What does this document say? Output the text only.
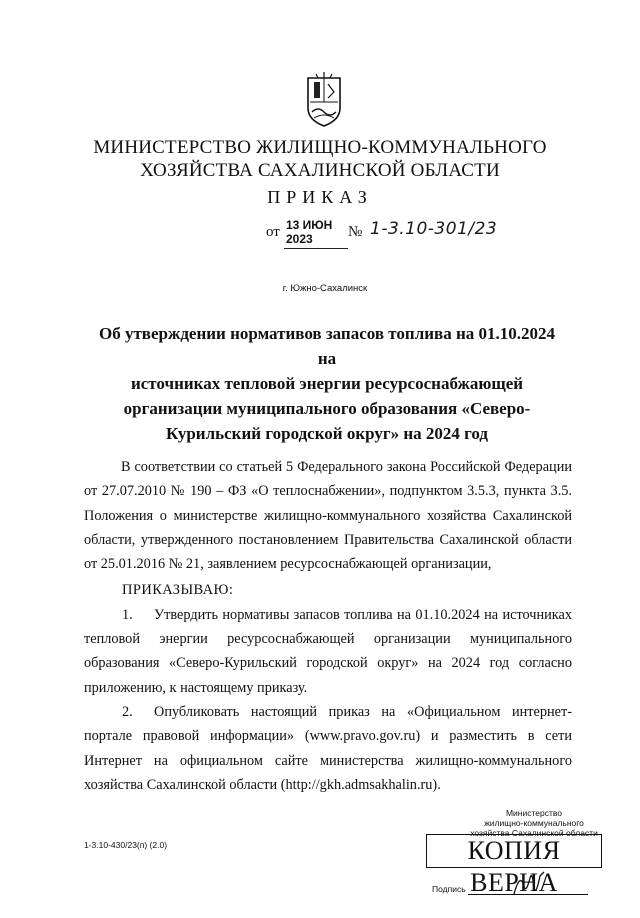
МИНИСТЕРСТВО ЖИЛИЩНО-КОММУНАЛЬНОГО
ХОЗЯЙСТВА САХАЛИНСКОЙ ОБЛАСТИ
ПРИКАЗ
от 13 ИЮН 2023	№ 1-3.10-301/23
г. Южно-Сахалинск
Об утверждении нормативов запасов топлива на 01.10.2024 на
источниках тепловой энергии ресурсоснабжающей
организации муниципального образования «Северо-
Курильский городской округ» на 2024 год

В соответствии со статьей 5 Федерального закона Российской Федерации от 27.07.2010 № 190 – ФЗ «О теплоснабжении», подпунктом 3.5.3, пункта 3.5. Положения о министерстве жилищно-коммунального хозяйства Сахалинской области, утвержденного постановлением Правительства Сахалинской области от 25.01.2016 № 21, заявлением ресурсоснабжающей организации,

ПРИКАЗЫВАЮ:

1. Утвердить нормативы запасов топлива на 01.10.2024 на источниках тепловой энергии ресурсоснабжающей организации муниципального образования «Северо-Курильский городской округ» на 2024 год согласно приложению, к настоящему приказу.

2. Опубликовать настоящий приказ на «Официальном интернет-портале правовой информации» (www.pravo.gov.ru) и разместить в сети Интернет на официальном сайте министерства жилищно-коммунального хозяйства Сахалинской области (http://gkh.admsakhalin.ru).

1-3.10-430/23(п) (2.0)
Министерство
жилищно-коммунального
хозяйства Сахалинской области
КОПИЯ ВЕРНА
Подпись
